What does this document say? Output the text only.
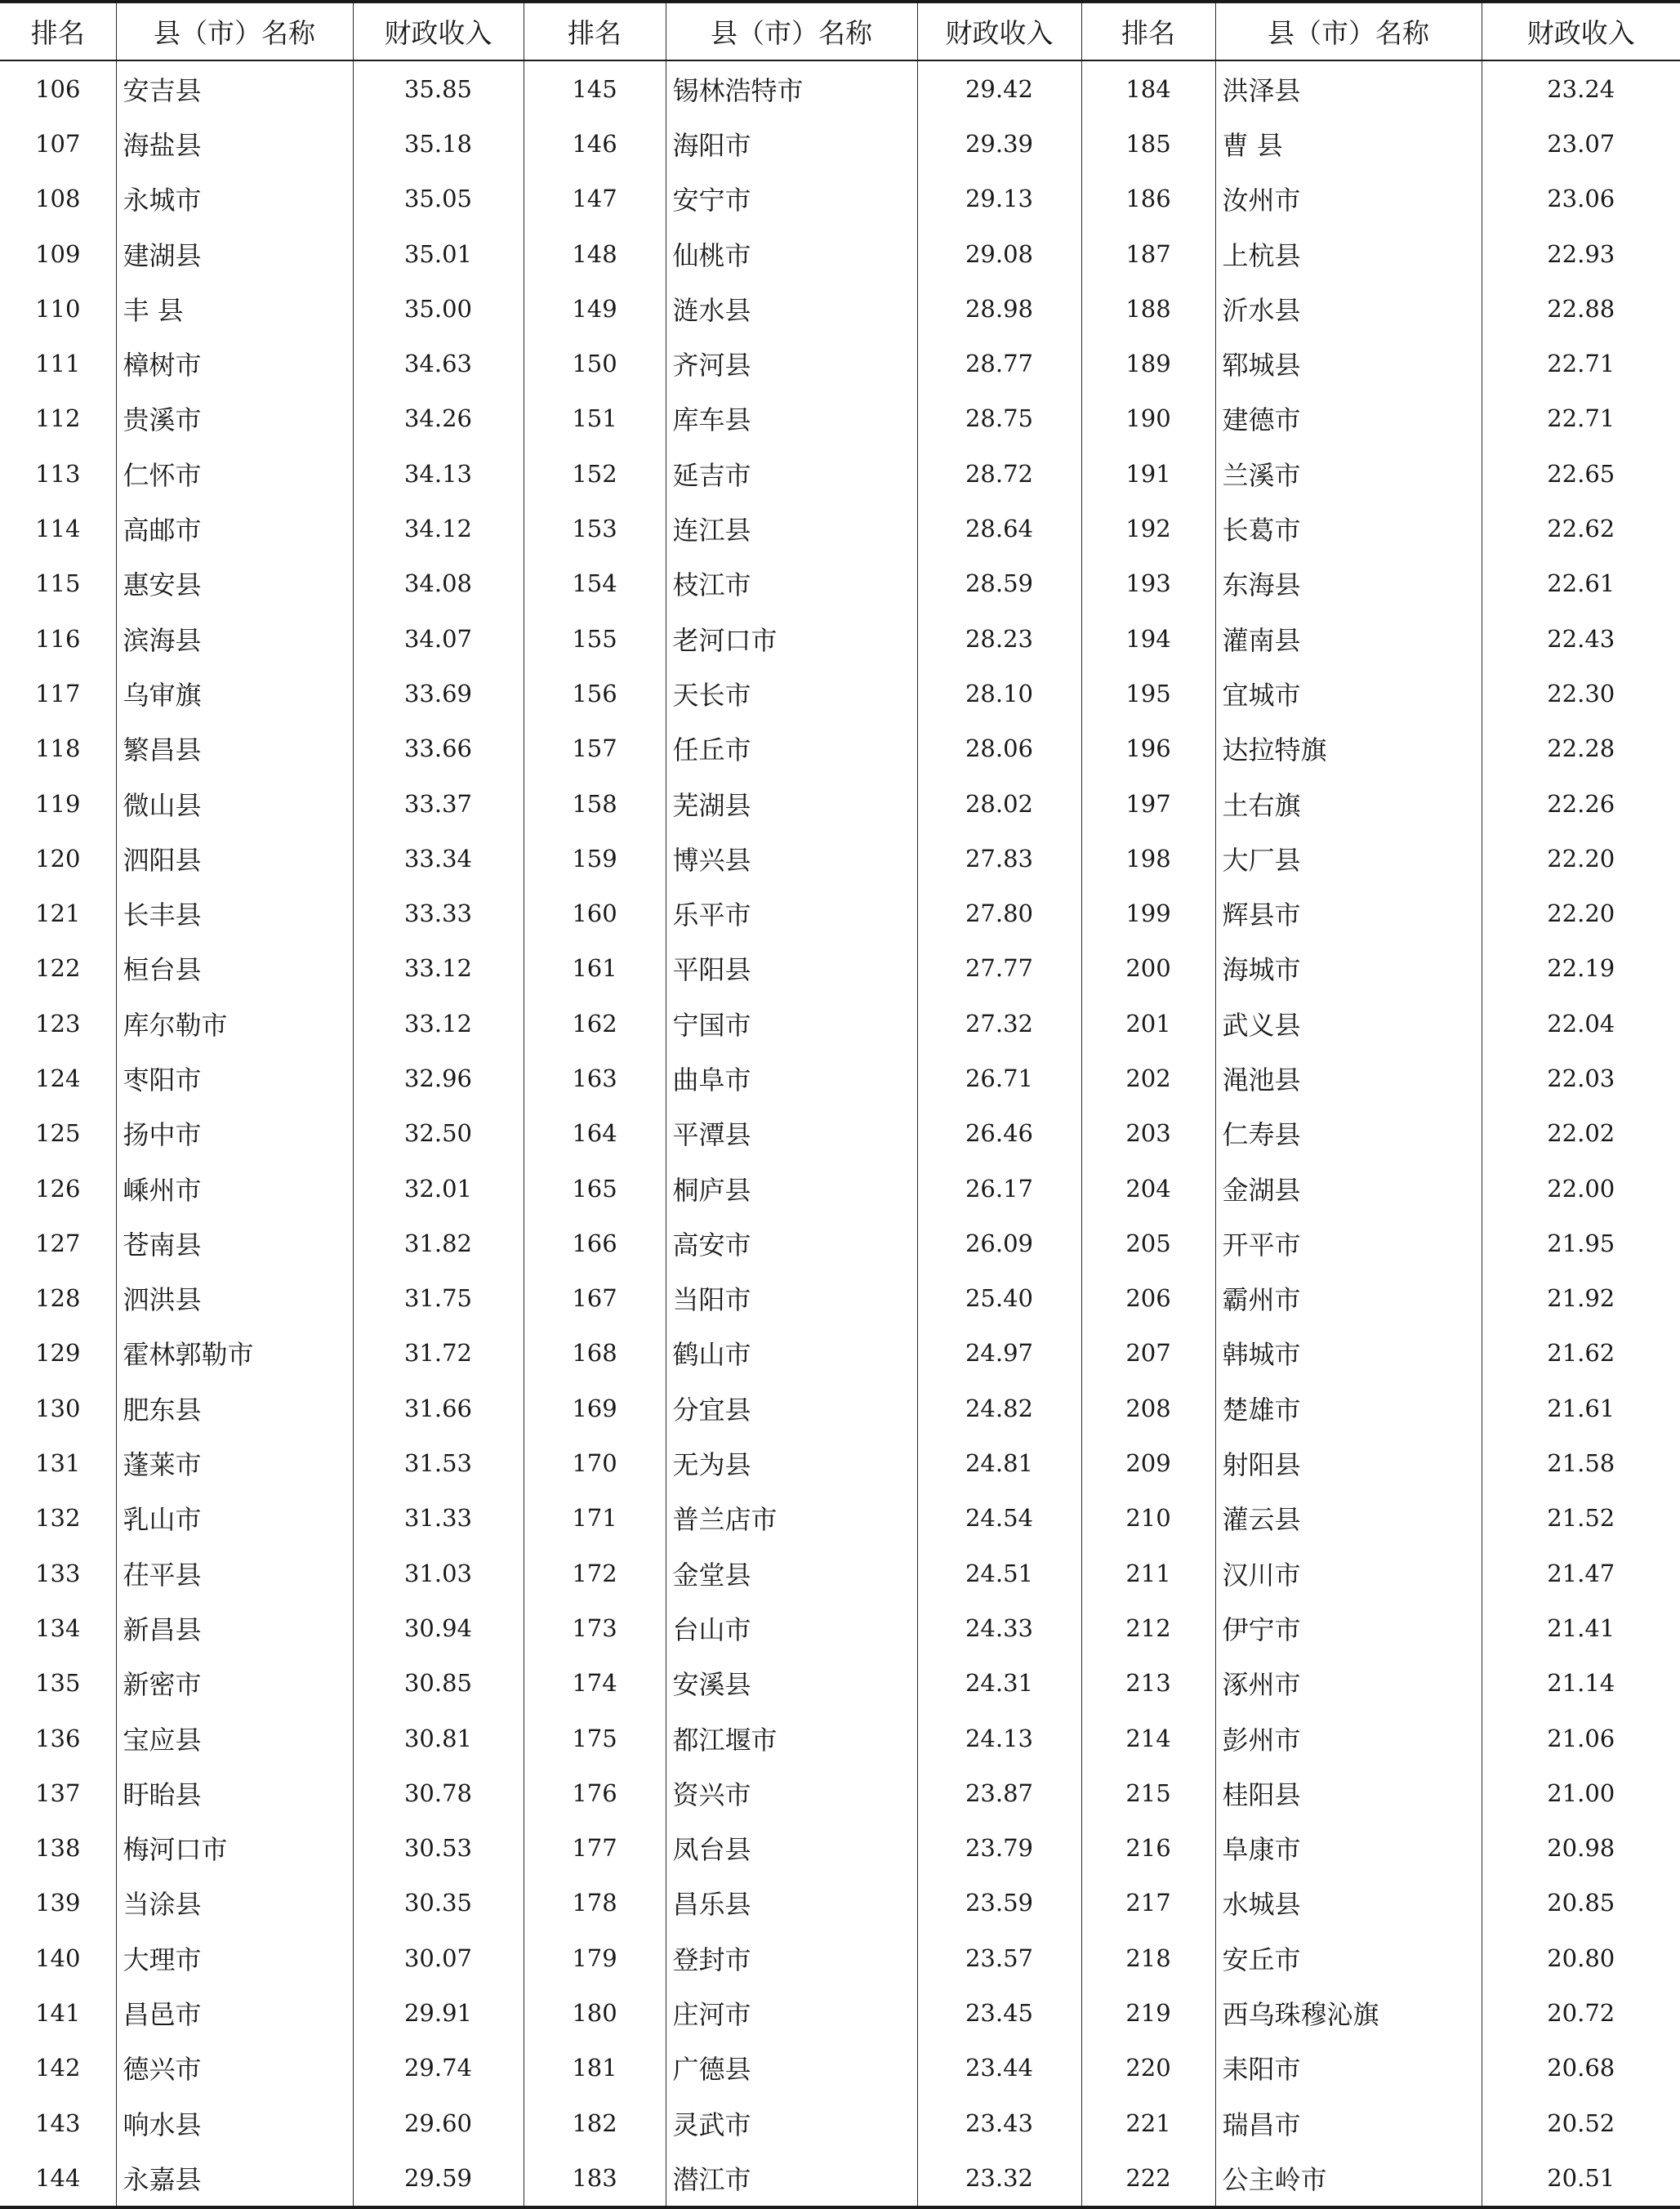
排名	县（市）名称	财政收入	排名	县（市）名称	财政收入	排名	县（市）名称	财政收入
106	安吉县	35.85	145	锡林浩特市	29.42	184	洪泽县	23.24
107	海盐县	35.18	146	海阳市	29.39	185	曹 县	23.07
108	永城市	35.05	147	安宁市	29.13	186	汝州市	23.06
109	建湖县	35.01	148	仙桃市	29.08	187	上杭县	22.93
110	丰 县	35.00	149	涟水县	28.98	188	沂水县	22.88
111	樟树市	34.63	150	齐河县	28.77	189	郓城县	22.71
112	贵溪市	34.26	151	库车县	28.75	190	建德市	22.71
113	仁怀市	34.13	152	延吉市	28.72	191	兰溪市	22.65
114	高邮市	34.12	153	连江县	28.64	192	长葛市	22.62
115	惠安县	34.08	154	枝江市	28.59	193	东海县	22.61
116	滨海县	34.07	155	老河口市	28.23	194	灌南县	22.43
117	乌审旗	33.69	156	天长市	28.10	195	宜城市	22.30
118	繁昌县	33.66	157	任丘市	28.06	196	达拉特旗	22.28
119	微山县	33.37	158	芜湖县	28.02	197	土右旗	22.26
120	泗阳县	33.34	159	博兴县	27.83	198	大厂县	22.20
121	长丰县	33.33	160	乐平市	27.80	199	辉县市	22.20
122	桓台县	33.12	161	平阳县	27.77	200	海城市	22.19
123	库尔勒市	33.12	162	宁国市	27.32	201	武义县	22.04
124	枣阳市	32.96	163	曲阜市	26.71	202	渑池县	22.03
125	扬中市	32.50	164	平潭县	26.46	203	仁寿县	22.02
126	嵊州市	32.01	165	桐庐县	26.17	204	金湖县	22.00
127	苍南县	31.82	166	高安市	26.09	205	开平市	21.95
128	泗洪县	31.75	167	当阳市	25.40	206	霸州市	21.92
129	霍林郭勒市	31.72	168	鹤山市	24.97	207	韩城市	21.62
130	肥东县	31.66	169	分宜县	24.82	208	楚雄市	21.61
131	蓬莱市	31.53	170	无为县	24.81	209	射阳县	21.58
132	乳山市	31.33	171	普兰店市	24.54	210	灌云县	21.52
133	茌平县	31.03	172	金堂县	24.51	211	汉川市	21.47
134	新昌县	30.94	173	台山市	24.33	212	伊宁市	21.41
135	新密市	30.85	174	安溪县	24.31	213	涿州市	21.14
136	宝应县	30.81	175	都江堰市	24.13	214	彭州市	21.06
137	盱眙县	30.78	176	资兴市	23.87	215	桂阳县	21.00
138	梅河口市	30.53	177	凤台县	23.79	216	阜康市	20.98
139	当涂县	30.35	178	昌乐县	23.59	217	水城县	20.85
140	大理市	30.07	179	登封市	23.57	218	安丘市	20.80
141	昌邑市	29.91	180	庄河市	23.45	219	西乌珠穆沁旗	20.72
142	德兴市	29.74	181	广德县	23.44	220	耒阳市	20.68
143	响水县	29.60	182	灵武市	23.43	221	瑞昌市	20.52
144	永嘉县	29.59	183	潜江市	23.32	222	公主岭市	20.51
